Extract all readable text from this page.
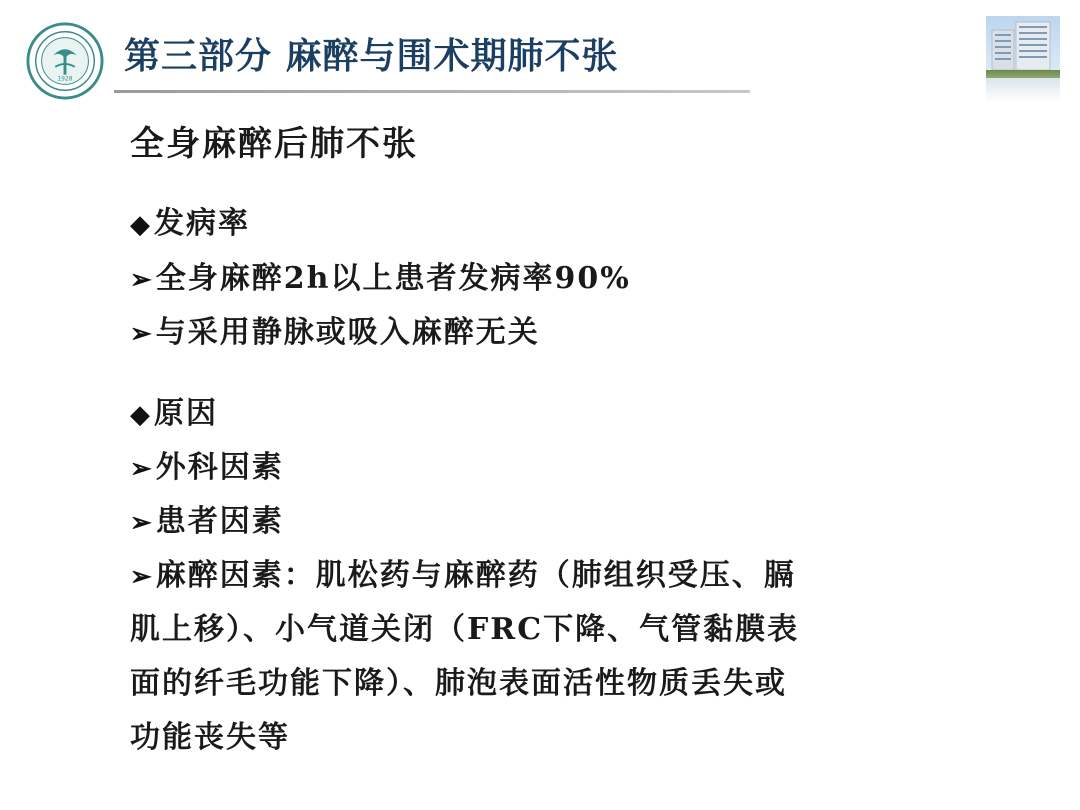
1928
第三部分 麻醉与围术期肺不张
全身麻醉后肺不张
◆发病率
➢全身麻醉2h以上患者发病率90%
➢与采用静脉或吸入麻醉无关
◆原因
➢外科因素
➢患者因素
➢麻醉因素：肌松药与麻醉药（肺组织受压、膈
肌上移）、小气道关闭（FRC下降、气管黏膜表
面的纤毛功能下降）、肺泡表面活性物质丢失或
功能丧失等
